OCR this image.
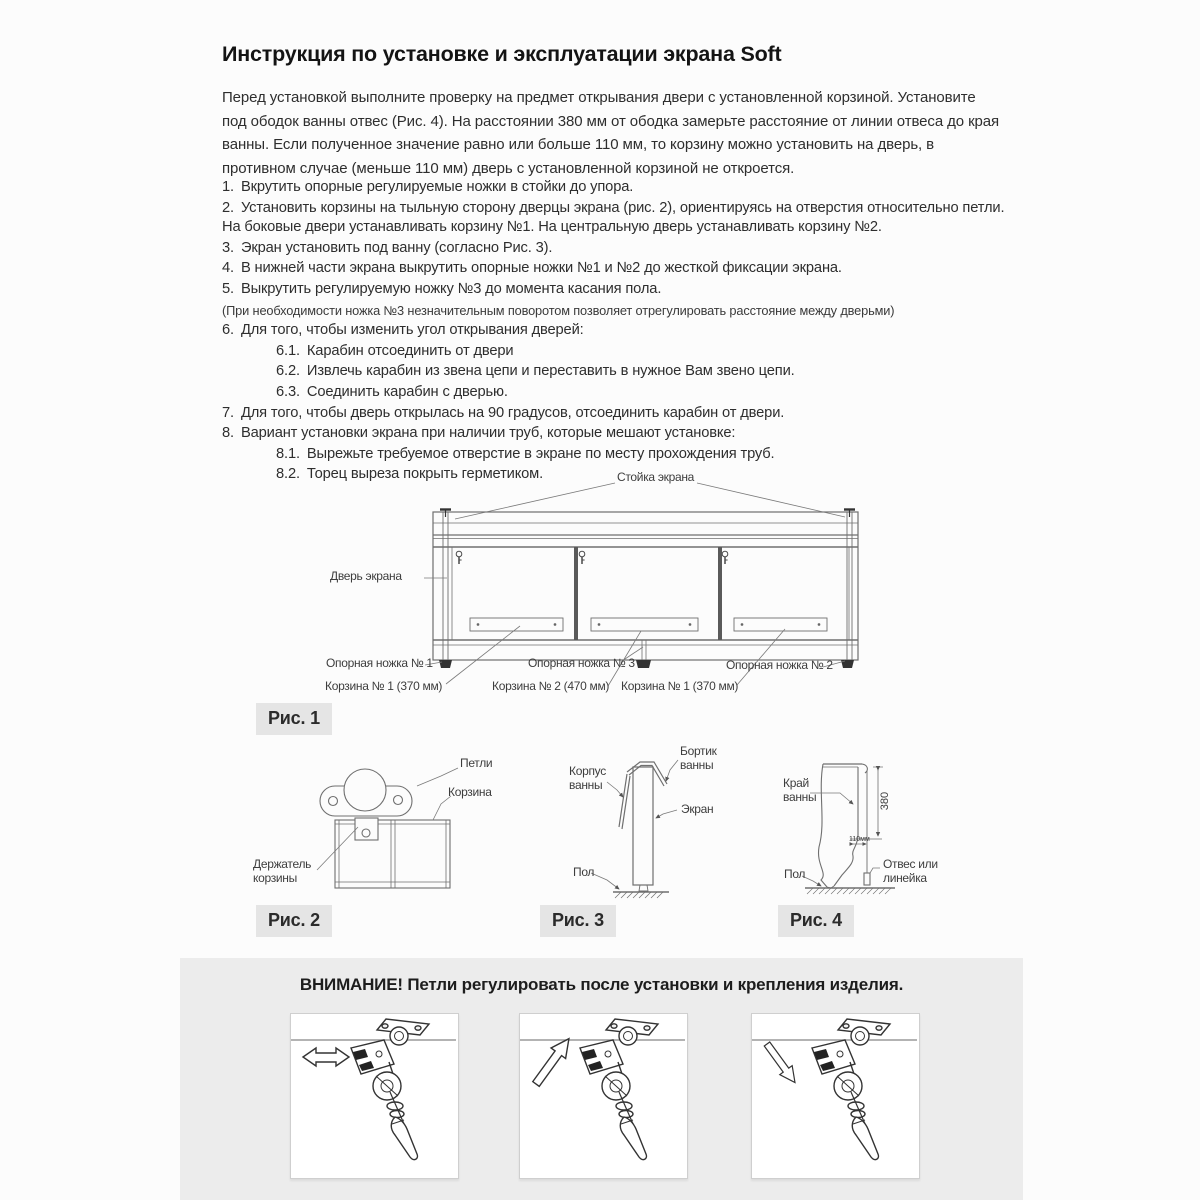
Инструкция по установке и эксплуатации экрана Soft

Перед установкой выполните проверку на предмет открывания двери с установленной корзиной. Установите под ободок ванны отвес (Рис. 4). На расстоянии 380 мм от ободка замерьте расстояние от линии отвеса до края ванны. Если полученное значение равно или больше 110 мм, то корзину можно установить на дверь, в противном случае (меньше 110 мм) дверь с установленной корзиной не откроется.

1. Вкрутить опорные регулируемые ножки в стойки до упора.

2. Установить корзины на тыльную сторону дверцы экрана (рис. 2), ориентируясь на отверстия относительно петли. На боковые двери устанавливать корзину №1. На центральную дверь устанавливать корзину №2.

3. Экран установить под ванну (согласно Рис. 3).

4. В нижней части экрана выкрутить опорные ножки №1 и №2 до жесткой фиксации экрана.

5. Выкрутить регулируемую ножку №3 до момента касания пола.

(При необходимости ножка №3 незначительным поворотом позволяет отрегулировать расстояние между дверьми)

6. Для того, чтобы изменить угол открывания дверей:

6.1. Карабин отсоединить от двери

6.2. Извлечь карабин из звена цепи и переставить в нужное Вам звено цепи.

6.3. Соединить карабин с дверью.

7. Для того, чтобы дверь открылась на 90 градусов, отсоединить карабин от двери.

8. Вариант установки экрана при наличии труб, которые мешают установке:

8.1. Вырежьте требуемое отверстие в экране по месту прохождения труб.

8.2. Торец выреза покрыть герметиком.	Стойка экрана
Дверь экрана
Опорная ножка № 1
Корзина № 1 (370 мм)
Опорная ножка № 3
Корзина № 2 (470 мм) Корзина № 1 (370 мм)
Опорная ножка № 2
Рис. 1
Петли
Корзина
Держатель корзины
Рис. 2
Бортик ванны
Корпус ванны
Экран
Пол
Рис. 3
Край ванны	380
110мм
Отвес или линейка
Пол
Рис. 4
ВНИМАНИЕ! Петли регулировать после установки и крепления изделия.
